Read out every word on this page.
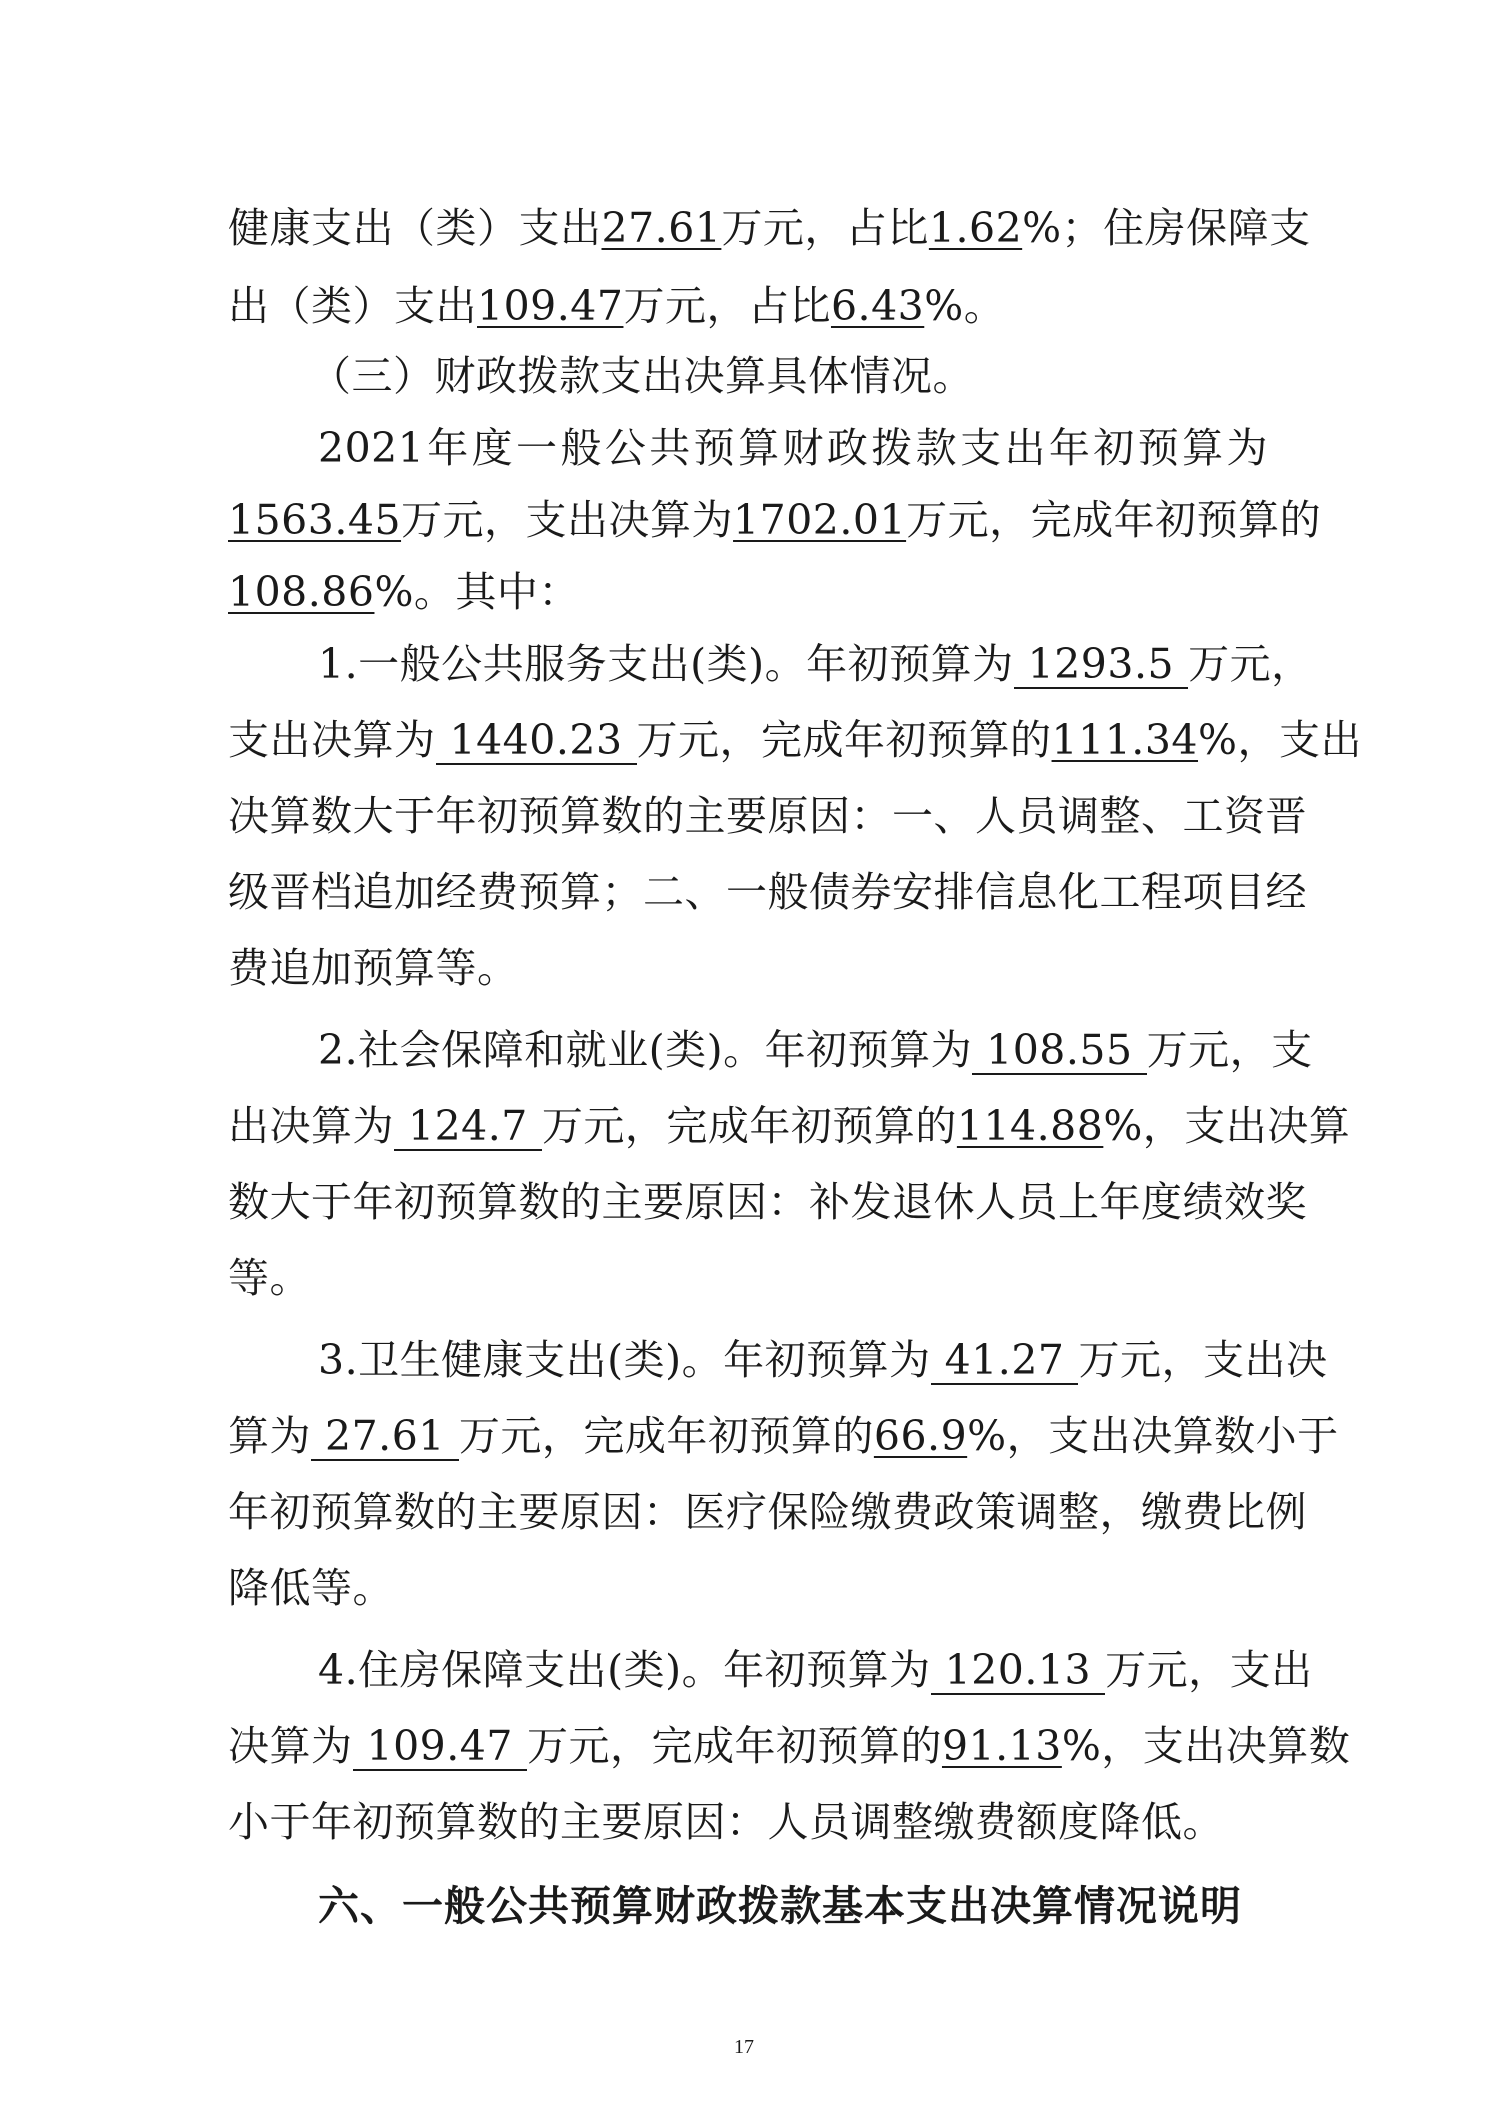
健康支出（类）支出27.61万元，占比1.62%；住房保障支
出（类）支出109.47万元，占比6.43%。
（三）财政拨款支出决算具体情况。
2021年度一般公共预算财政拨款支出年初预算为
1563.45万元，支出决算为1702.01万元，完成年初预算的
108.86%。其中：
1.一般公共服务支出(类)。年初预算为 1293.5 万元，
支出决算为 1440.23 万元，完成年初预算的111.34%，支出
决算数大于年初预算数的主要原因：一、人员调整、工资晋
级晋档追加经费预算；二、一般债券安排信息化工程项目经
费追加预算等。
2.社会保障和就业(类)。年初预算为 108.55 万元，支
出决算为 124.7 万元，完成年初预算的114.88%，支出决算
数大于年初预算数的主要原因：补发退休人员上年度绩效奖
等。
3.卫生健康支出(类)。年初预算为 41.27 万元，支出决
算为 27.61 万元，完成年初预算的66.9%，支出决算数小于
年初预算数的主要原因：医疗保险缴费政策调整，缴费比例
降低等。
4.住房保障支出(类)。年初预算为 120.13 万元，支出
决算为 109.47 万元，完成年初预算的91.13%，支出决算数
小于年初预算数的主要原因：人员调整缴费额度降低。
六、一般公共预算财政拨款基本支出决算情况说明
17
